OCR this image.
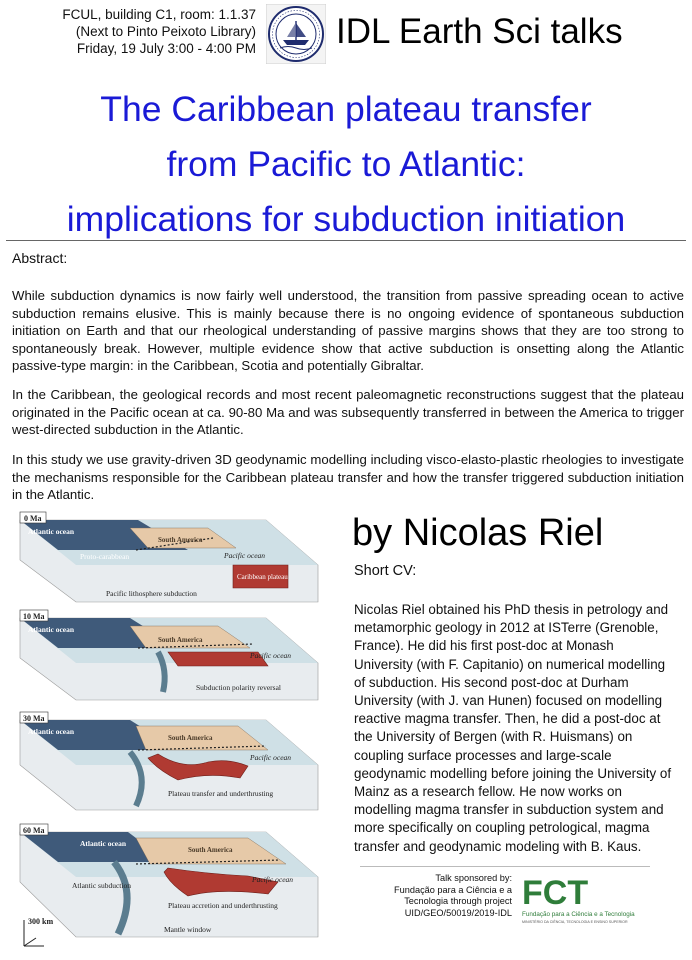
FCUL, building C1, room: 1.1.37
(Next to Pinto Peixoto Library)
Friday, 19 July 3:00 - 4:00 PM IDL Earth Sci talks
The Caribbean plateau transfer
from Pacific to Atlantic:
implications for subduction initiation
Abstract:
While subduction dynamics is now fairly well understood, the transition from passive spreading ocean to active subduction remains elusive. This is mainly because there is no ongoing evidence of spontaneous subduction initiation on Earth and that our rheological understanding of passive margins shows that they are too strong to spontaneously break. However, multiple evidence show that active subduction is onsetting along the Atlantic passive-type margin: in the Caribbean, Scotia and potentially Gibraltar.
In the Caribbean, the geological records and most recent paleomagnetic reconstructions suggest that the plateau originated in the Pacific ocean at ca. 90-80 Ma and was subsequently transferred in between the America to trigger west-directed subduction in the Atlantic.
In this study we use gravity-driven 3D geodynamic modelling including visco-elasto-plastic rheologies to investigate the mechanisms responsible for the Caribbean plateau transfer and how the transfer triggered subduction initiation in the Atlantic.
0 Ma
Atlantic ocean
South America
Proto-carabbean	Pacific ocean
Caribbean plateau
Pacific lithosphere subduction
10 Ma
Atlantic ocean
South America
Pacific ocean
Subduction polarity reversal
30 Ma
Atlantic ocean
South America
Pacific ocean
Plateau transfer and underthrusting
60 Ma
Atlantic ocean
South America
Pacific ocean
Atlantic subduction
Plateau accretion and underthrusting
Mantle window
300 km
by Nicolas Riel
Short CV:
Nicolas Riel obtained his PhD thesis in petrology and metamorphic geology in 2012 at ISTerre (Grenoble, France). He did his first post-doc at Monash University (with F. Capitanio) on numerical modelling of subduction. His second post-doc at Durham University (with J. van Hunen) focused on modelling reactive magma transfer. Then, he did a post-doc at the University of Bergen (with R. Huismans) on coupling surface processes and large-scale geodynamic modelling before joining the University of Mainz as a research fellow. He now works on modelling magma transfer in subduction system and more specifically on coupling petrological, magma transfer and geodynamic modeling with B. Kaus.
Talk sponsored by:
Fundação para a Ciência e a
Tecnologia through project
UID/GEO/50019/2019-IDL
FCT
Fundação para a Ciência e a Tecnologia
MINISTÉRIO DA CIÊNCIA, TECNOLOGIA E ENSINO SUPERIOR
